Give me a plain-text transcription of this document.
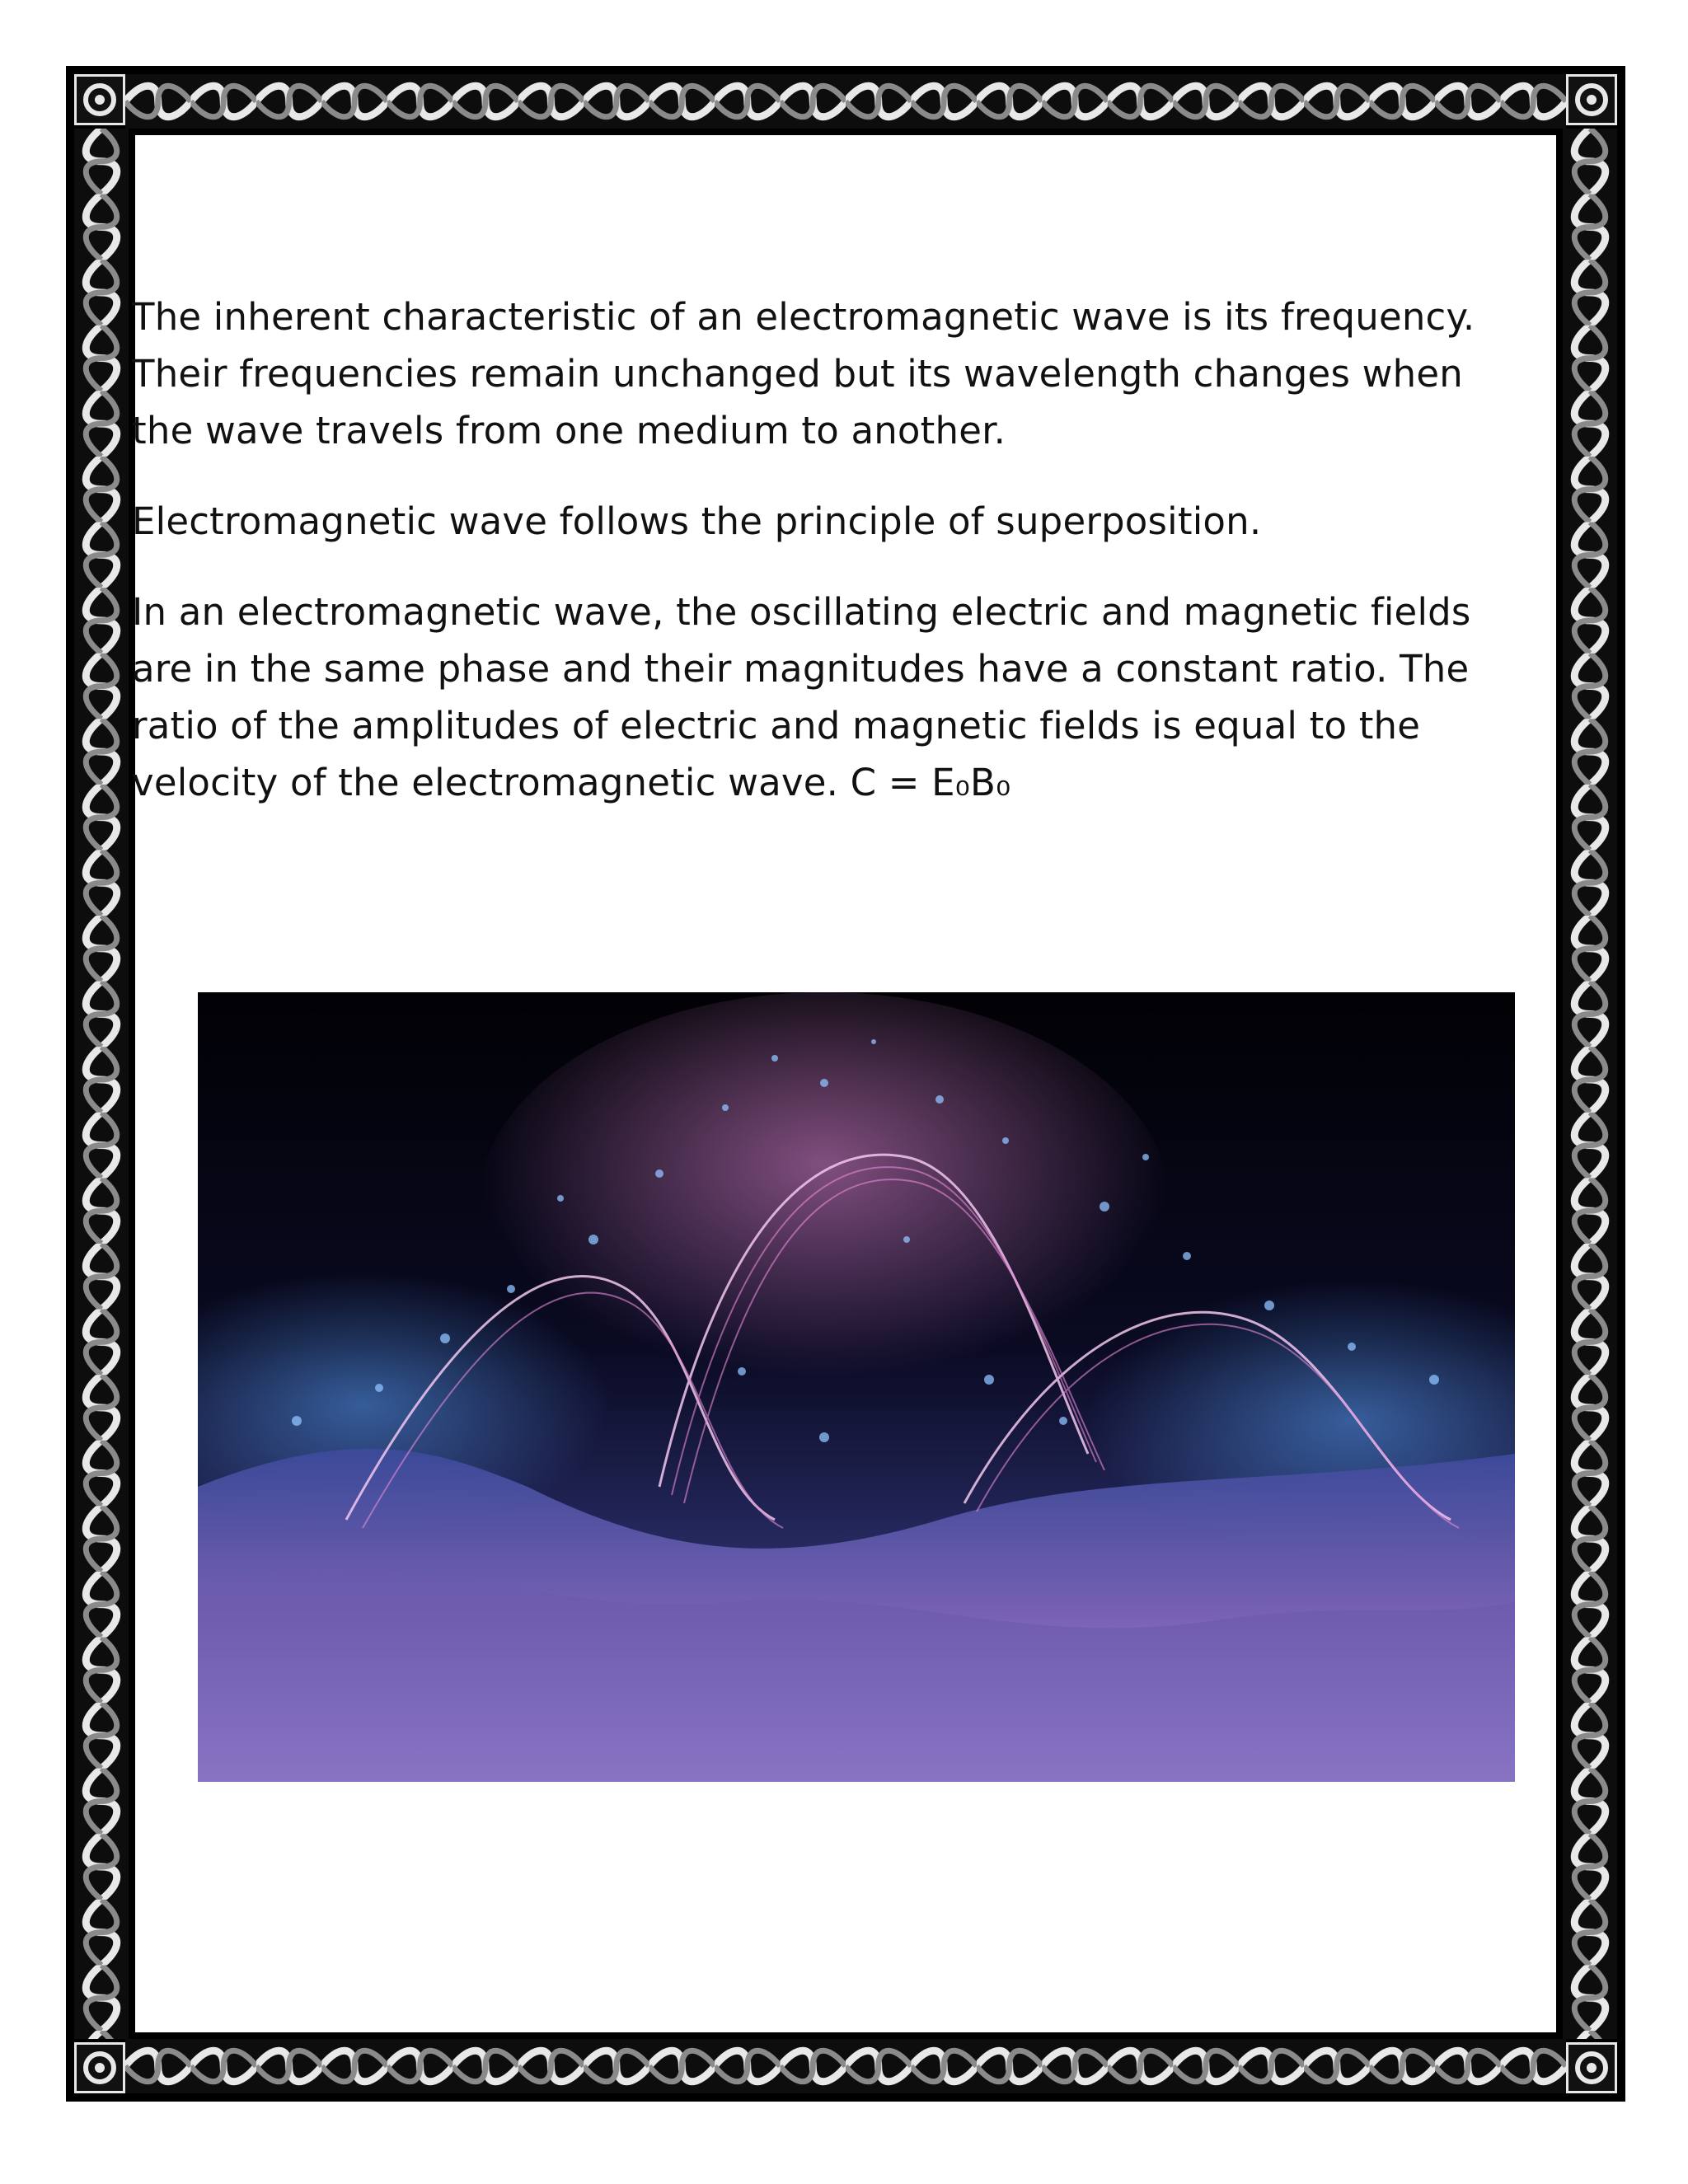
The inherent characteristic of an electromagnetic wave is its frequency. Their frequencies remain unchanged but its wavelength changes when the wave travels from one medium to another.

Electromagnetic wave follows the principle of superposition.

In an electromagnetic wave, the oscillating electric and magnetic fields are in the same phase and their magnitudes have a constant ratio. The ratio of the amplitudes of electric and magnetic fields is equal to the velocity of the electromagnetic wave. C = E₀B₀
